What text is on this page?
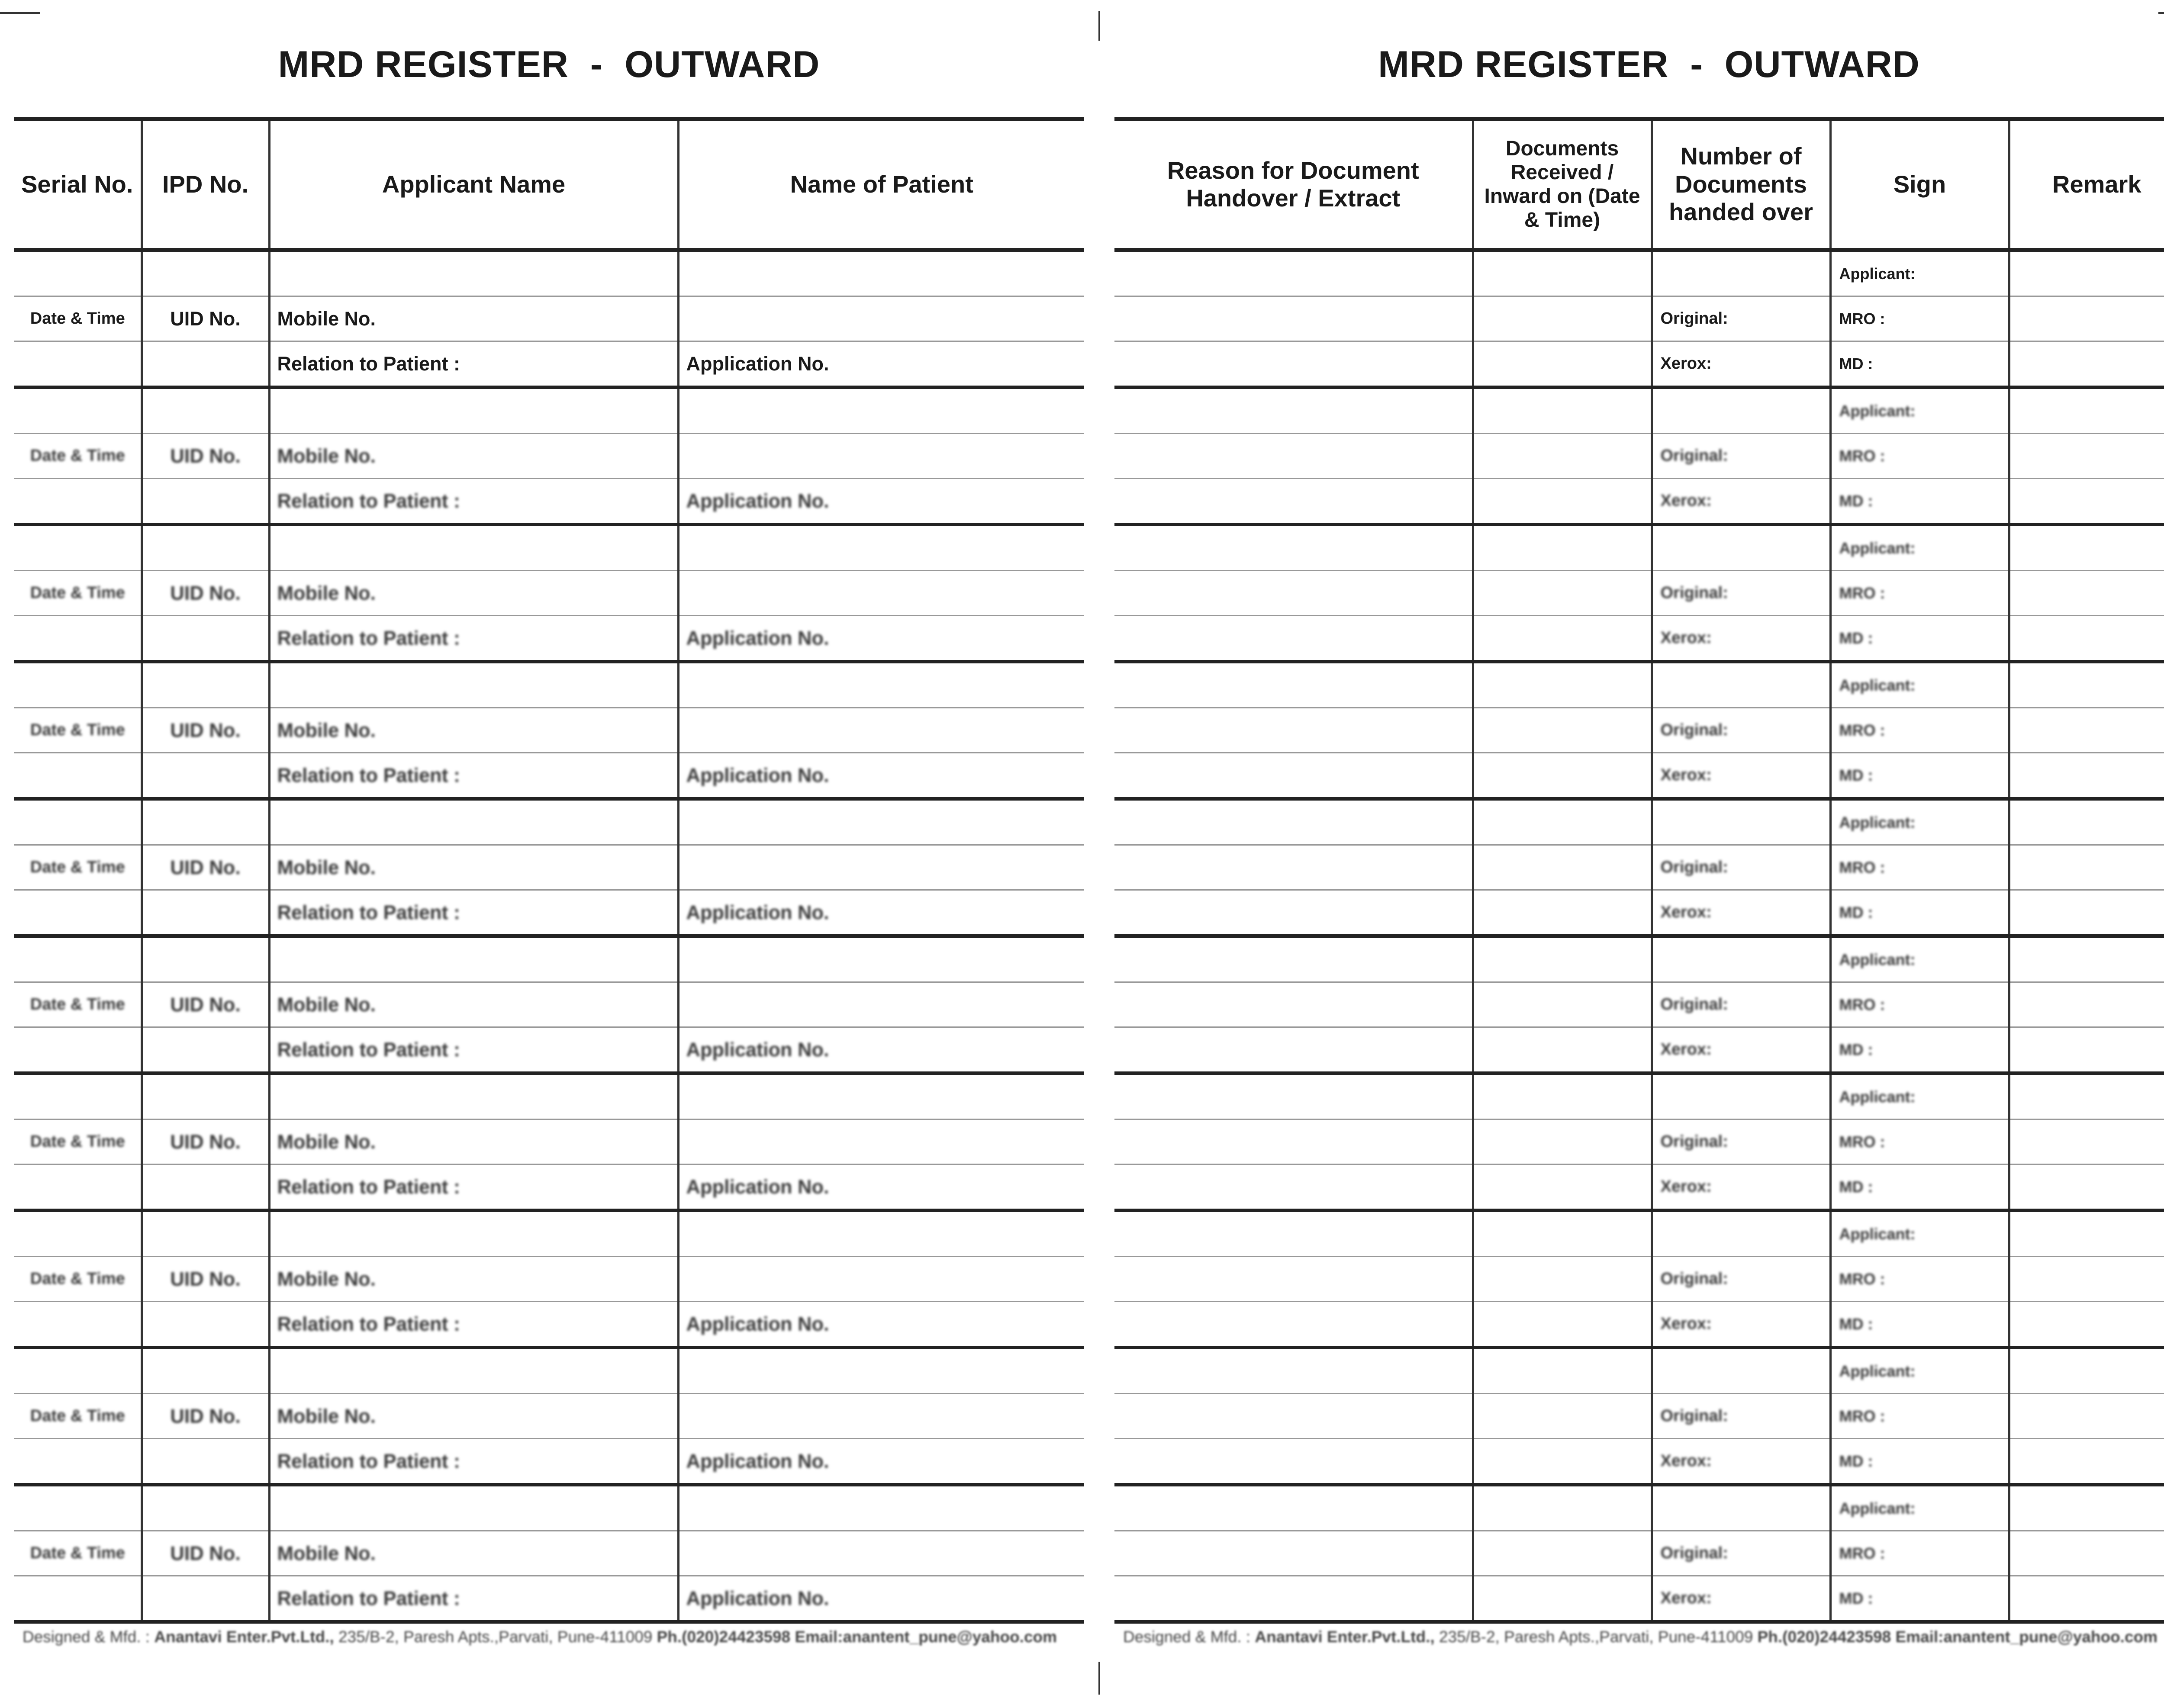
MRD REGISTER  -  OUTWARD
Serial No.	IPD No.	Applicant Name	Name of Patient

Date & Time	UID No.	Mobile No.	
		Relation to Patient :	Application No.

Date & Time	UID No.	Mobile No.	
		Relation to Patient :	Application No.

Date & Time	UID No.	Mobile No.	
		Relation to Patient :	Application No.

Date & Time	UID No.	Mobile No.	
		Relation to Patient :	Application No.

Date & Time	UID No.	Mobile No.	
		Relation to Patient :	Application No.

Date & Time	UID No.	Mobile No.	
		Relation to Patient :	Application No.

Date & Time	UID No.	Mobile No.	
		Relation to Patient :	Application No.

Date & Time	UID No.	Mobile No.	
		Relation to Patient :	Application No.

Date & Time	UID No.	Mobile No.	
		Relation to Patient :	Application No.

Date & Time	UID No.	Mobile No.	
		Relation to Patient :	Application No.
Designed & Mfd. : Anantavi Enter.Pvt.Ltd., 235/B-2, Paresh Apts.,Parvati, Pune-411009 Ph.(020)24423598 Email:anantent_pune@yahoo.com
MRD REGISTER  -  OUTWARD
Reason for Document Handover / Extract	Documents Received / Inward on (Date & Time)	Number of Documents handed over	Sign	Remark
			Applicant:	
		Original:	MRO :	
		Xerox:	MD :	
			Applicant:	
		Original:	MRO :	
		Xerox:	MD :	
			Applicant:	
		Original:	MRO :	
		Xerox:	MD :	
			Applicant:	
		Original:	MRO :	
		Xerox:	MD :	
			Applicant:	
		Original:	MRO :	
		Xerox:	MD :	
			Applicant:	
		Original:	MRO :	
		Xerox:	MD :	
			Applicant:	
		Original:	MRO :	
		Xerox:	MD :	
			Applicant:	
		Original:	MRO :	
		Xerox:	MD :	
			Applicant:	
		Original:	MRO :	
		Xerox:	MD :	
			Applicant:	
		Original:	MRO :	
		Xerox:	MD :	
Designed & Mfd. : Anantavi Enter.Pvt.Ltd., 235/B-2, Paresh Apts.,Parvati, Pune-411009 Ph.(020)24423598 Email:anantent_pune@yahoo.com
